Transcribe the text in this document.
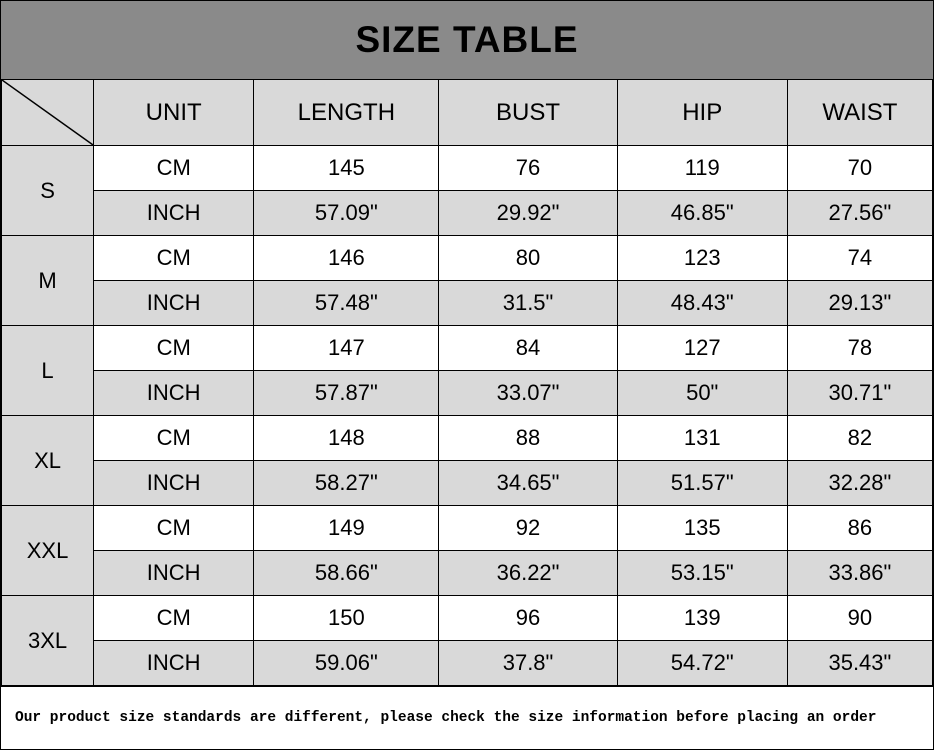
SIZE TABLE
	UNIT	LENGTH	BUST	HIP	WAIST
S	CM	145	76	119	70
	INCH	57.09"	29.92"	46.85"	27.56"
M	CM	146	80	123	74
	INCH	57.48"	31.5"	48.43"	29.13"
L	CM	147	84	127	78
	INCH	57.87"	33.07"	50"	30.71"
XL	CM	148	88	131	82
	INCH	58.27"	34.65"	51.57"	32.28"
XXL	CM	149	92	135	86
	INCH	58.66"	36.22"	53.15"	33.86"
3XL	CM	150	96	139	90
	INCH	59.06"	37.8"	54.72"	35.43"
Our product size standards are different, please check the size information before placing an order
